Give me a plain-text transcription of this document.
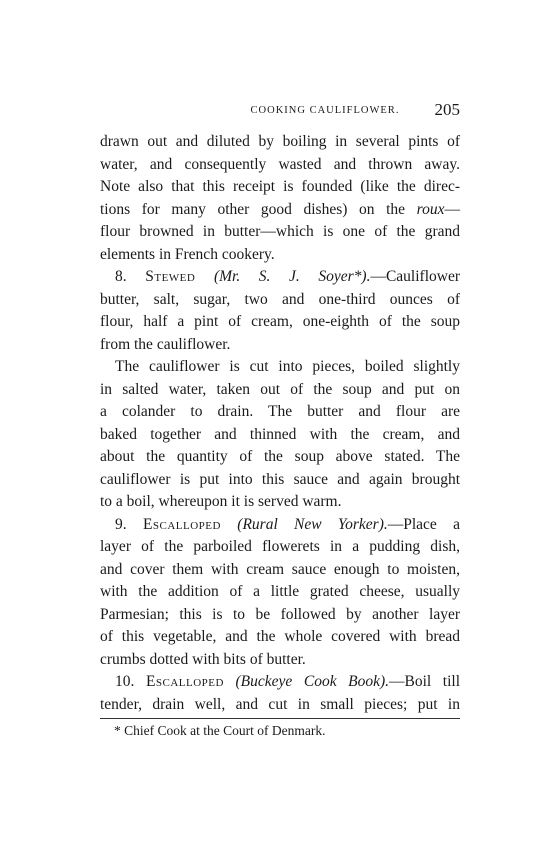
COOKING CAULIFLOWER.	205
drawn out and diluted by boiling in several pints of
water, and consequently wasted and thrown away.
Note also that this receipt is founded (like the direc-
tions for many other good dishes) on the roux—
flour browned in butter—which is one of the grand
elements in French cookery.
8. Stewed (Mr. S. J. Soyer*).—Cauliflower
butter, salt, sugar, two and one-third ounces of
flour, half a pint of cream, one-eighth of the soup
from the cauliflower.
The cauliflower is cut into pieces, boiled slightly
in salted water, taken out of the soup and put on
a colander to drain. The butter and flour are
baked together and thinned with the cream, and
about the quantity of the soup above stated. The
cauliflower is put into this sauce and again brought
to a boil, whereupon it is served warm.
9. Escalloped (Rural New Yorker).—Place a
layer of the parboiled flowerets in a pudding dish,
and cover them with cream sauce enough to moisten,
with the addition of a little grated cheese, usually
Parmesian; this is to be followed by another layer
of this vegetable, and the whole covered with bread
crumbs dotted with bits of butter.
10. Escalloped (Buckeye Cook Book).—Boil till
tender, drain well, and cut in small pieces; put in
* Chief Cook at the Court of Denmark.
